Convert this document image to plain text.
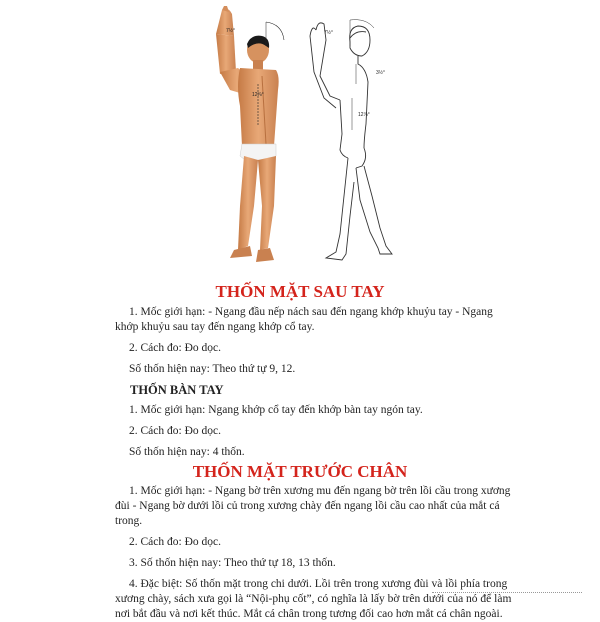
7½°
12⅞°
7½°
3½°
12⅞°
THỐN MẶT SAU TAY

1. Mốc giới hạn: - Ngang đầu nếp nách sau đến ngang khớp khuỷu tay - Ngang khớp khuỷu sau tay đến ngang khớp cổ tay.

2. Cách đo: Đo dọc.

Số thốn hiện nay: Theo thứ tự 9, 12.

THỐN BÀN TAY

1. Mốc giới hạn: Ngang khớp cổ tay đến khớp bàn tay ngón tay.

2. Cách đo: Đo dọc.

Số thốn hiện nay: 4 thốn.

THỐN MẶT TRƯỚC CHÂN

1. Mốc giới hạn: - Ngang bờ trên xương mu đến ngang bờ trên lồi cầu trong xương đùi - Ngang bờ dưới lồi củ trong xương chày đến ngang lồi cầu cao nhất của mắt cá trong.

2. Cách đo: Đo dọc.

3. Số thốn hiện nay: Theo thứ tự 18, 13 thốn.

4. Đặc biệt: Số thốn mặt trong chi dưới. Lồi trên trong xương đùi và lồi phía trong xương chày, sách xưa gọi là “Nội-phụ cốt”, có nghĩa là lấy bờ trên dưới của nó để làm nơi bắt đầu và nơi kết thúc. Mắt cá chân trong tương đối cao hơn mắt cá chân ngoài.
